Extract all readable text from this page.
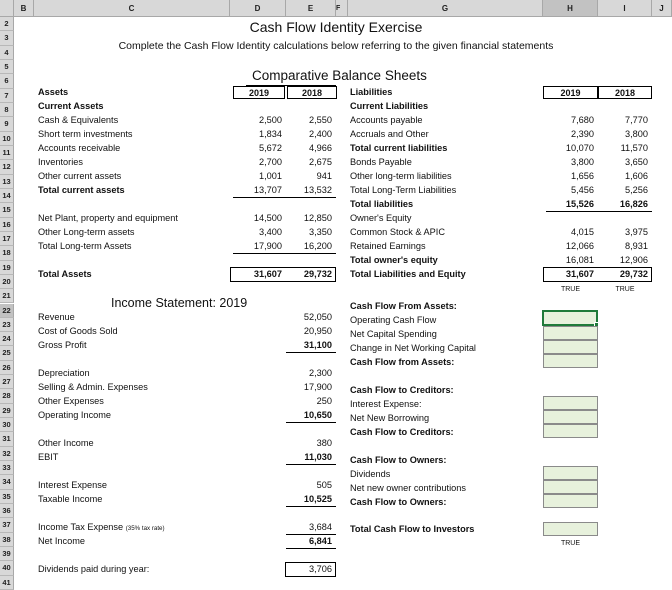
B	C	D	E	F	G	H	I	J
2
3
4
5
6
7
8
9
10
11
12
13
14
15
16
17
18
19
20
21
22
23
24
25
26
27
28
29
30
31
32
33
34
35
36
37
38
39
40
41
Cash Flow Identity Exercise
Complete the Cash Flow Identity calculations below referring to the given financial statements
Comparative Balance Sheets
Assets	2019	2018	Liabilities	2019	2018
Current Assets
Cash & Equivalents	2,500	2,550
Short term investments	1,834	2,400
Accounts receivable	5,672	4,966
Inventories	2,700	2,675
Other current assets	1,001	941
Total current assets	13,707	13,532
Net Plant, property and equipment	14,500	12,850
Other Long-term assets	3,400	3,350
Total Long-term Assets	17,900	16,200
Total Assets	31,607	29,732
Current Liabilities
Accounts payable	7,680	7,770
Accruals and Other	2,390	3,800
Total current liabilities	10,070	11,570
Bonds Payable	3,800	3,650
Other long-term liabilities	1,656	1,606
Total Long-Term Liabilities	5,456	5,256
Total liabilities	15,526	16,826
Owner's Equity
Common Stock & APIC	4,015	3,975
Retained Earnings	12,066	8,931
Total owner's equity	16,081	12,906
Total Liabilities and Equity	31,607	29,732
TRUE	TRUE
Income Statement: 2019
Revenue	52,050
Cost of Goods Sold	20,950
Gross Profit	31,100
Depreciation	2,300
Selling & Admin. Expenses	17,900
Other Expenses	250
Operating Income	10,650
Other Income	380
EBIT	11,030
Interest Expense	505
Taxable Income	10,525
Income Tax Expense (35% tax rate)	3,684
Net Income	6,841
Dividends paid during year:	3,706
Cash Flow From Assets:
Operating Cash Flow
Net Capital Spending
Change in Net Working Capital
Cash Flow from Assets:
Cash Flow to Creditors:
Interest Expense:
Net New Borrowing
Cash Flow to Creditors:
Cash Flow to Owners:
Dividends
Net new owner contributions
Cash Flow to Owners:
Total Cash Flow to Investors
TRUE
